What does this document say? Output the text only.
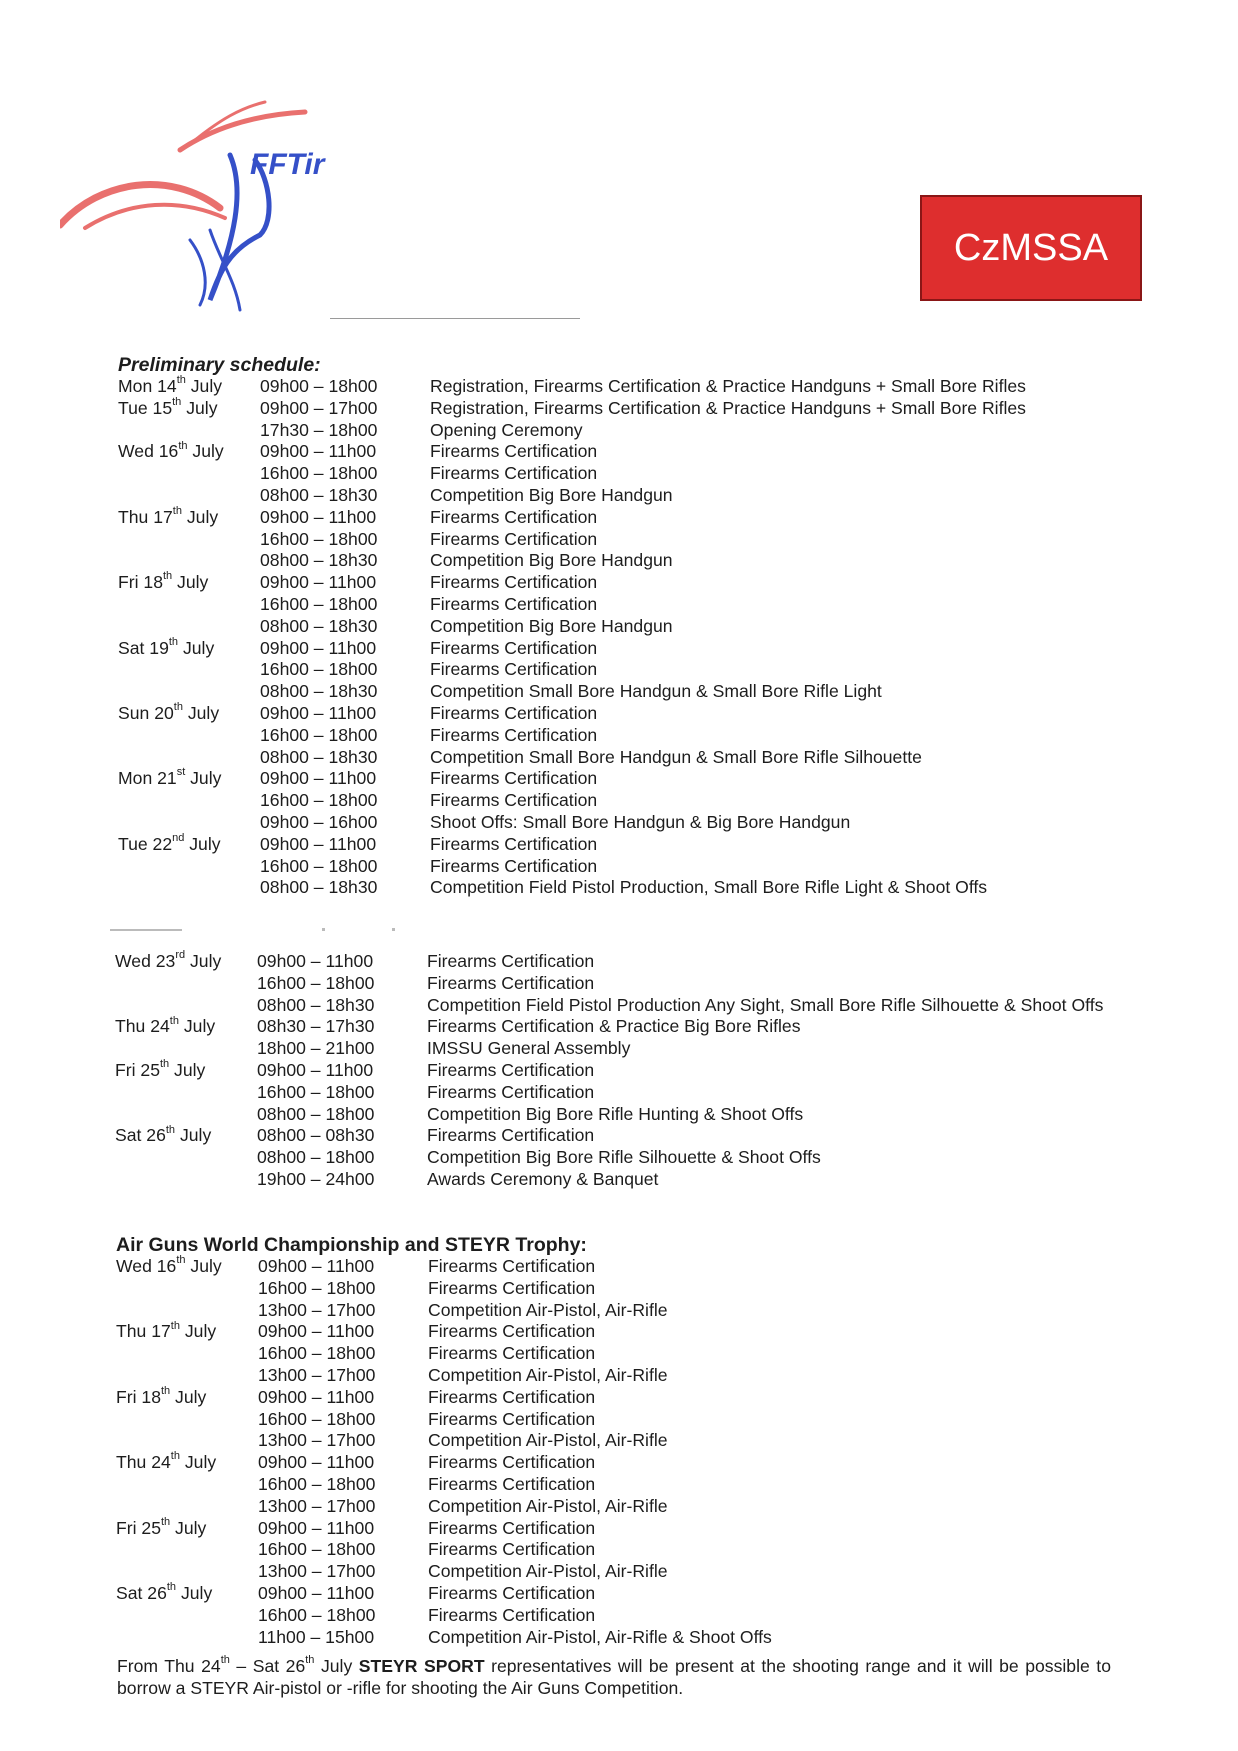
FFTir
CzMSSA
Preliminary schedule:
Mon 14th July	09h00 – 18h00	Registration, Firearms Certification & Practice Handguns + Small Bore Rifles
Tue 15th July	09h00 – 17h00	Registration, Firearms Certification & Practice Handguns + Small Bore Rifles
17h30 – 18h00	Opening Ceremony
Wed 16th July	09h00 – 11h00	Firearms Certification
16h00 – 18h00	Firearms Certification
08h00 – 18h30	Competition Big Bore Handgun
Thu 17th July	09h00 – 11h00	Firearms Certification
16h00 – 18h00	Firearms Certification
08h00 – 18h30	Competition Big Bore Handgun
Fri 18th July	09h00 – 11h00	Firearms Certification
16h00 – 18h00	Firearms Certification
08h00 – 18h30	Competition Big Bore Handgun
Sat 19th July	09h00 – 11h00	Firearms Certification
16h00 – 18h00	Firearms Certification
08h00 – 18h30	Competition Small Bore Handgun & Small Bore Rifle Light
Sun 20th July	09h00 – 11h00	Firearms Certification
16h00 – 18h00	Firearms Certification
08h00 – 18h30	Competition Small Bore Handgun & Small Bore Rifle Silhouette
Mon 21st July	09h00 – 11h00	Firearms Certification
16h00 – 18h00	Firearms Certification
09h00 – 16h00	Shoot Offs: Small Bore Handgun & Big Bore Handgun
Tue 22nd July	09h00 – 11h00	Firearms Certification
16h00 – 18h00	Firearms Certification
08h00 – 18h30	Competition Field Pistol Production, Small Bore Rifle Light & Shoot Offs
Wed 23rd July	09h00 – 11h00	Firearms Certification
16h00 – 18h00	Firearms Certification
08h00 – 18h30	Competition Field Pistol Production Any Sight, Small Bore Rifle Silhouette & Shoot Offs
Thu 24th July	08h30 – 17h30	Firearms Certification & Practice Big Bore Rifles
18h00 – 21h00	IMSSU General Assembly
Fri 25th July	09h00 – 11h00	Firearms Certification
16h00 – 18h00	Firearms Certification
08h00 – 18h00	Competition Big Bore Rifle Hunting & Shoot Offs
Sat 26th July	08h00 – 08h30	Firearms Certification
08h00 – 18h00	Competition Big Bore Rifle Silhouette & Shoot Offs
19h00 – 24h00	Awards Ceremony & Banquet
Air Guns World Championship and STEYR Trophy:
Wed 16th July	09h00 – 11h00	Firearms Certification
16h00 – 18h00	Firearms Certification
13h00 – 17h00	Competition Air-Pistol, Air-Rifle
Thu 17th July	09h00 – 11h00	Firearms Certification
16h00 – 18h00	Firearms Certification
13h00 – 17h00	Competition Air-Pistol, Air-Rifle
Fri 18th July	09h00 – 11h00	Firearms Certification
16h00 – 18h00	Firearms Certification
13h00 – 17h00	Competition Air-Pistol, Air-Rifle
Thu 24th July	09h00 – 11h00	Firearms Certification
16h00 – 18h00	Firearms Certification
13h00 – 17h00	Competition Air-Pistol, Air-Rifle
Fri 25th July	09h00 – 11h00	Firearms Certification
16h00 – 18h00	Firearms Certification
13h00 – 17h00	Competition Air-Pistol, Air-Rifle
Sat 26th July	09h00 – 11h00	Firearms Certification
16h00 – 18h00	Firearms Certification
11h00 – 15h00	Competition Air-Pistol, Air-Rifle & Shoot Offs
From Thu 24th – Sat 26th July STEYR SPORT representatives will be present at the shooting range and it will be possible to borrow a STEYR Air-pistol or -rifle for shooting the Air Guns Competition.
